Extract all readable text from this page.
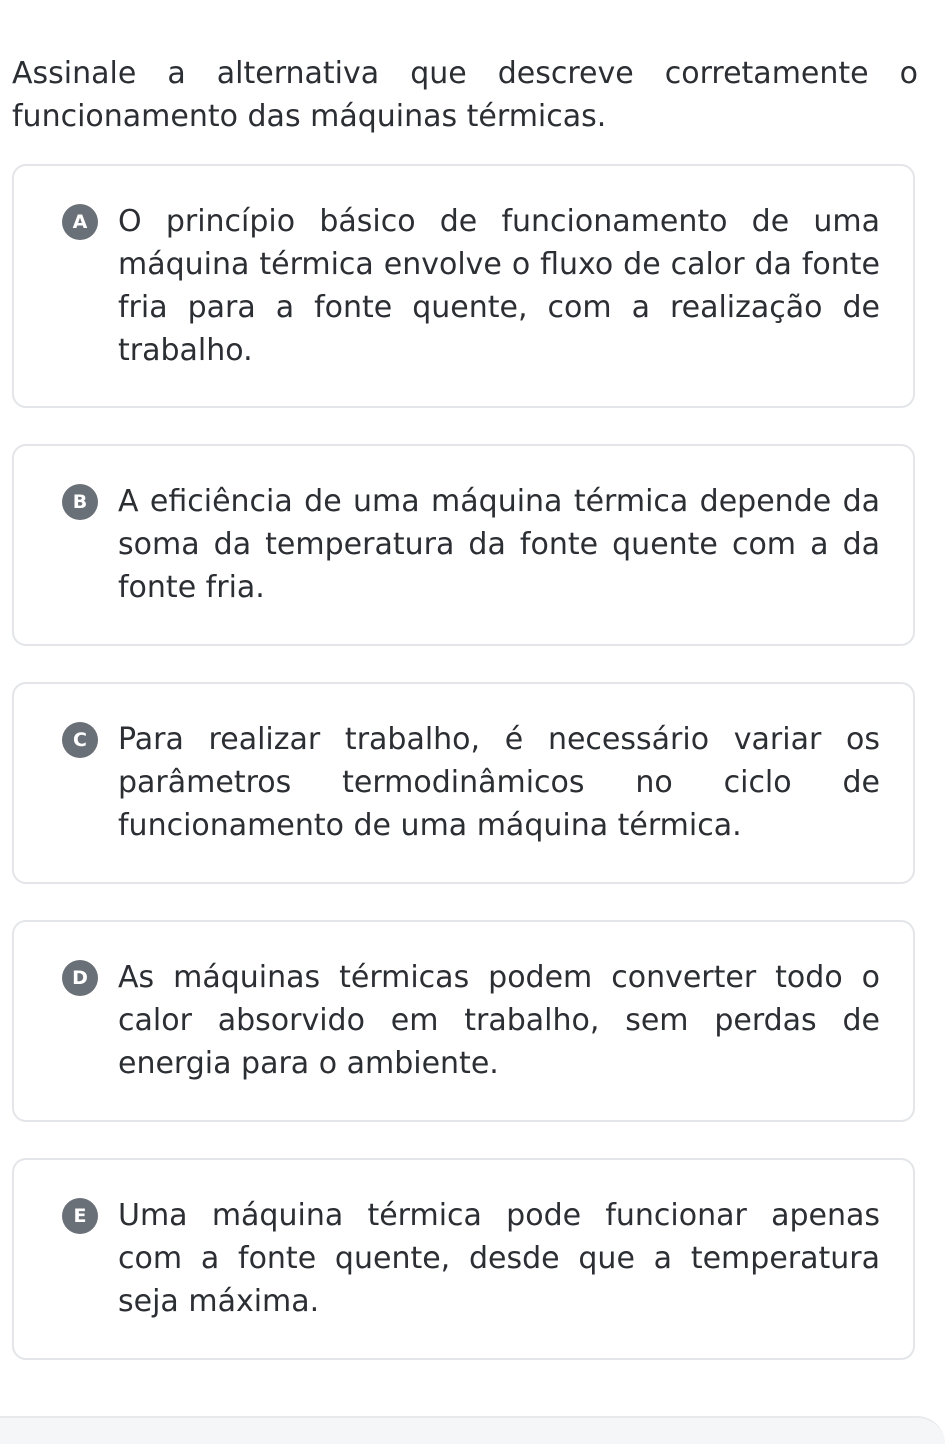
Assinale a alternativa que descreve corretamente o funcionamento das máquinas térmicas.

A	O princípio básico de funcionamento de uma máquina térmica envolve o fluxo de calor da fonte fria para a fonte quente, com a realização de trabalho.

B	A eficiência de uma máquina térmica depende da soma da temperatura da fonte quente com a da fonte fria.

C	Para realizar trabalho, é necessário variar os parâmetros termodinâmicos no ciclo de funcionamento de uma máquina térmica.

D	As máquinas térmicas podem converter todo o calor absorvido em trabalho, sem perdas de energia para o ambiente.

E	Uma máquina térmica pode funcionar apenas com a fonte quente, desde que a temperatura seja máxima.
